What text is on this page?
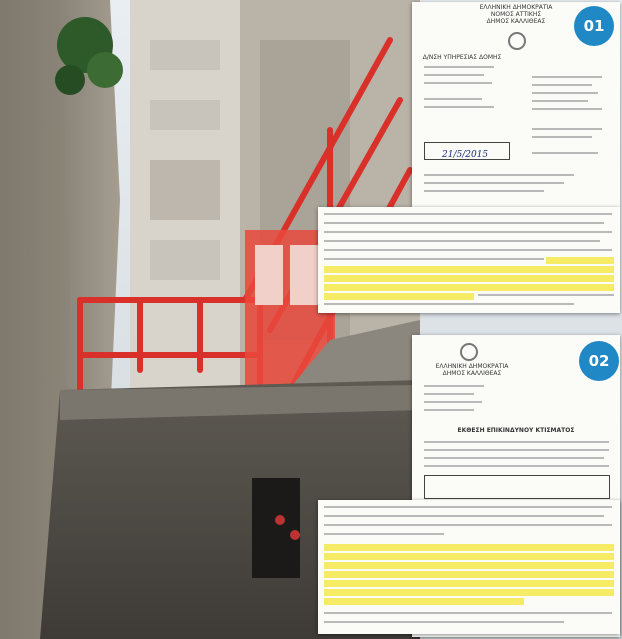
ΕΛΛΗΝΙΚΗ ΔΗΜΟΚΡΑΤΙΑ
ΝΟΜΟΣ ΑΤΤΙΚΗΣ
ΔΗΜΟΣ ΚΑΛΛΙΘΕΑΣ
Δ/ΝΣΗ ΥΠΗΡΕΣΙΑΣ ΔΟΜΗΣ
21/5/2015
01
ΕΛΛΗΝΙΚΗ ΔΗΜΟΚΡΑΤΙΑ
ΔΗΜΟΣ ΚΑΛΛΙΘΕΑΣ
ΕΚΘΕΣΗ ΕΠΙΚΙΝΔΥΝΟΥ ΚΤΙΣΜΑΤΟΣ
02
